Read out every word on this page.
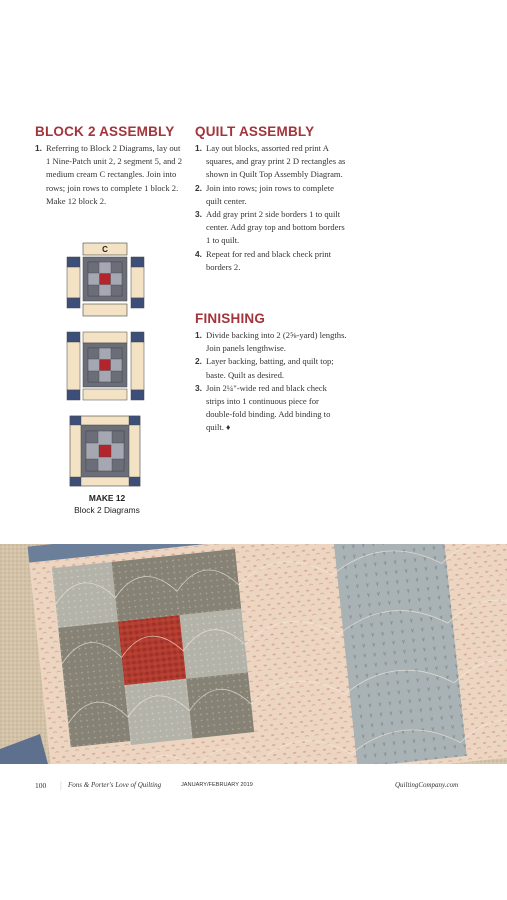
BLOCK 2 ASSEMBLY
1. Referring to Block 2 Diagrams, lay out 1 Nine-Patch unit 2, 2 segment 5, and 2 medium cream C rectangles. Join into rows; join rows to complete 1 block 2. Make 12 block 2.
C
MAKE 12
Block 2 Diagrams
QUILT ASSEMBLY
1. Lay out blocks, assorted red print A squares, and gray print 2 D rectangles as shown in Quilt Top Assembly Diagram.
2. Join into rows; join rows to complete quilt center.
3. Add gray print 2 side borders 1 to quilt center. Add gray top and bottom borders 1 to quilt.
4. Repeat for red and black check print borders 2.
FINISHING
1. Divide backing into 2 (2⅝-yard) lengths. Join panels lengthwise.
2. Layer backing, batting, and quilt top; baste. Quilt as desired.
3. Join 2¼"-wide red and black check strips into 1 continuous piece for double-fold binding. Add binding to quilt. ♦
100 | Fons & Porter's Love of Quilting	JANUARY/FEBRUARY 2019	QuiltingCompany.com
